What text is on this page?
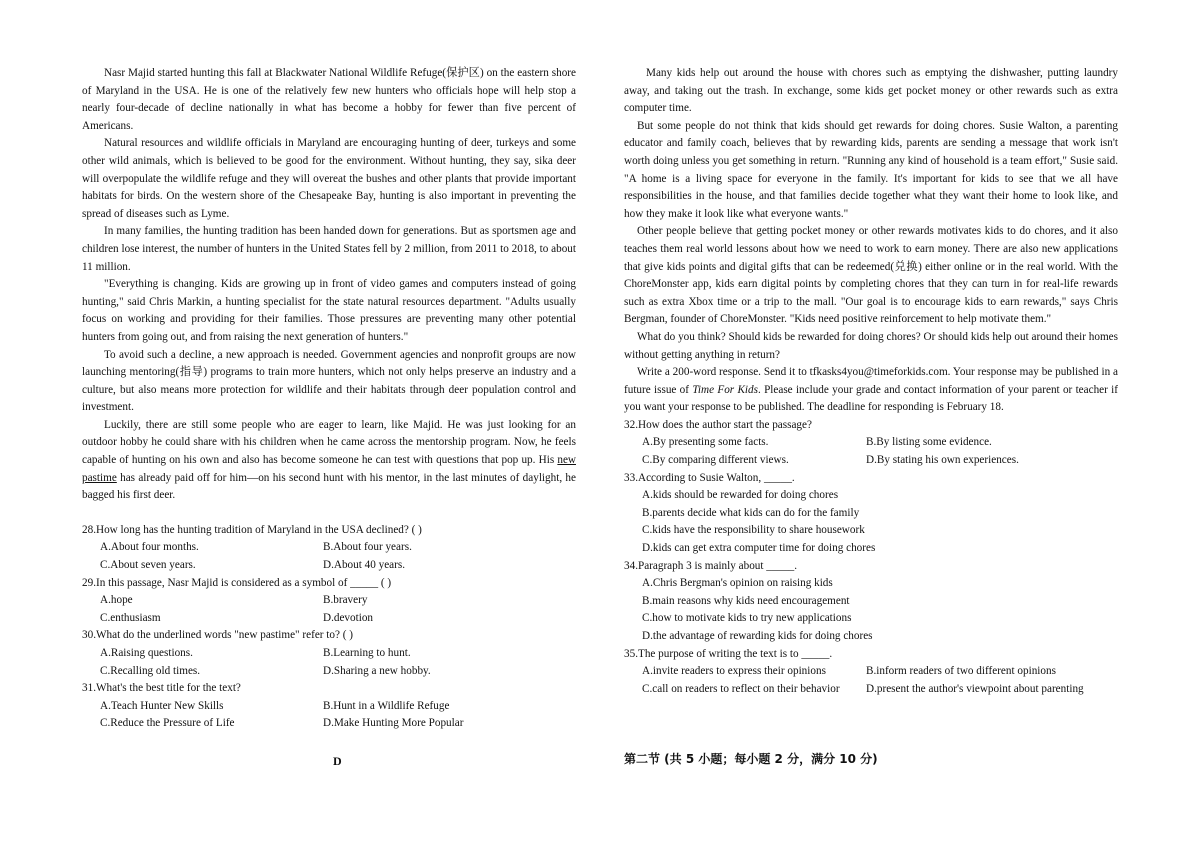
Nasr Majid started hunting this fall at Blackwater National Wildlife Refuge(保护区) on the eastern shore of Maryland in the USA. He is one of the relatively few new hunters who officials hope will help stop a nearly four-decade of decline nationally in what has become a hobby for fewer than five percent of Americans.

Natural resources and wildlife officials in Maryland are encouraging hunting of deer, turkeys and some other wild animals, which is believed to be good for the environment. Without hunting, they say, sika deer will overpopulate the wildlife refuge and they will overeat the bushes and other plants that provide important habitats for birds. On the western shore of the Chesapeake Bay, hunting is also important in preventing the spread of diseases such as Lyme.

In many families, the hunting tradition has been handed down for generations. But as sportsmen age and children lose interest, the number of hunters in the United States fell by 2 million, from 2011 to 2018, to about 11 million.

"Everything is changing. Kids are growing up in front of video games and computers instead of going hunting," said Chris Markin, a hunting specialist for the state natural resources department. "Adults usually focus on working and providing for their families. Those pressures are preventing many other potential hunters from going out, and from raising the next generation of hunters."

To avoid such a decline, a new approach is needed. Government agencies and nonprofit groups are now launching mentoring(指导) programs to train more hunters, which not only helps preserve an industry and a culture, but also means more protection for wildlife and their habitats through deer population control and investment.

Luckily, there are still some people who are eager to learn, like Majid. He was just looking for an outdoor hobby he could share with his children when he came across the mentorship program. Now, he feels capable of hunting on his own and also has become someone he can test with questions that pop up. His new pastime has already paid off for him—on his second hunt with his mentor, in the last minutes of daylight, he bagged his first deer.

28.How long has the hunting tradition of Maryland in the USA declined? ( )

A.About four months.	B.About four years.
C.About seven years.	D.About 40 years.

29.In this passage, Nasr Majid is considered as a symbol of _____ ( )

A.hope	B.bravery
C.enthusiasm	D.devotion

30.What do the underlined words "new pastime" refer to? ( )

A.Raising questions.	B.Learning to hunt.
C.Recalling old times.	D.Sharing a new hobby.

31.What's the best title for the text?

A.Teach Hunter New Skills	B.Hunt in a Wildlife Refuge
C.Reduce the Pressure of Life	D.Make Hunting More Popular

Many kids help out around the house with chores such as emptying the dishwasher, putting laundry away, and taking out the trash. In exchange, some kids get pocket money or other rewards such as extra computer time.

But some people do not think that kids should get rewards for doing chores. Susie Walton, a parenting educator and family coach, believes that by rewarding kids, parents are sending a message that work isn't worth doing unless you get something in return. "Running any kind of household is a team effort," Susie said. "A home is a living space for everyone in the family. It's important for kids to see that we all have responsibilities in the house, and that families decide together what they want their home to look like, and how they make it look like what everyone wants."

Other people believe that getting pocket money or other rewards motivates kids to do chores, and it also teaches them real world lessons about how we need to work to earn money. There are also new applications that give kids points and digital gifts that can be redeemed(兑换) either online or in the real world. With the ChoreMonster app, kids earn digital points by completing chores that they can turn in for real-life rewards such as extra Xbox time or a trip to the mall. "Our goal is to encourage kids to earn rewards," says Chris Bergman, founder of ChoreMonster. "Kids need positive reinforcement to help motivate them."

What do you think? Should kids be rewarded for doing chores? Or should kids help out around their homes without getting anything in return?

Write a 200-word response. Send it to tfkasks4you@timeforkids.com. Your response may be published in a future issue of Time For Kids. Please include your grade and contact information of your parent or teacher if you want your response to be published. The deadline for responding is February 18.

32.How does the author start the passage?

A.By presenting some facts.	B.By listing some evidence.
C.By comparing different views.	D.By stating his own experiences.

33.According to Susie Walton, _____.

A.kids should be rewarded for doing chores
B.parents decide what kids can do for the family
C.kids have the responsibility to share housework
D.kids can get extra computer time for doing chores

34.Paragraph 3 is mainly about _____.

A.Chris Bergman's opinion on raising kids
B.main reasons why kids need encouragement
C.how to motivate kids to try new applications
D.the advantage of rewarding kids for doing chores

35.The purpose of writing the text is to _____.

A.invite readers to express their opinions	B.inform readers of two different opinions
C.call on readers to reflect on their behavior	D.present the author's viewpoint about parenting
D	第二节 (共 5 小题；每小题 2 分，满分 10 分)
